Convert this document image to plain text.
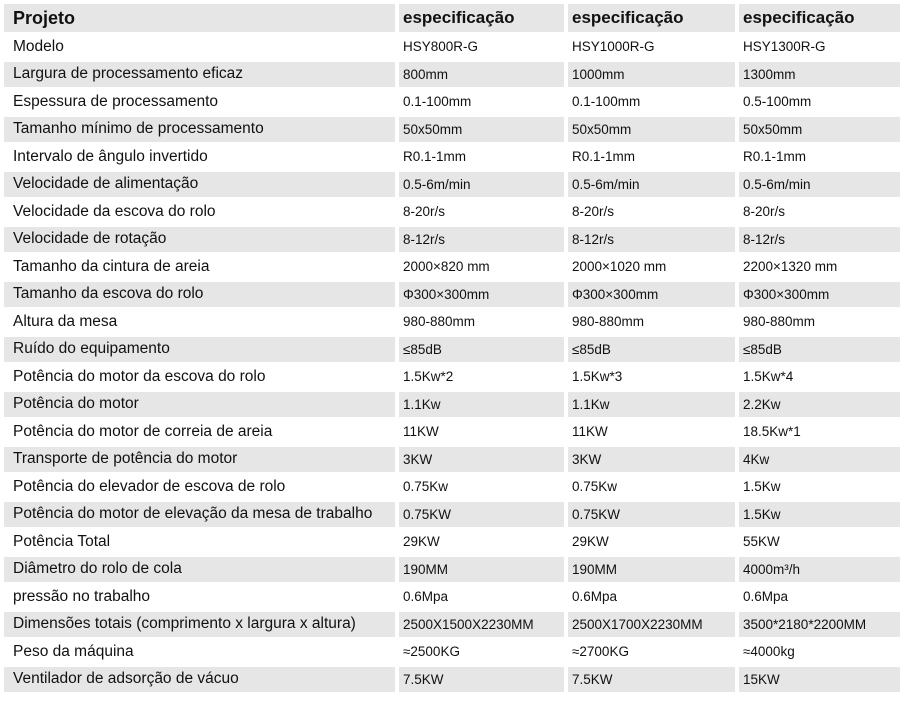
Projeto	especificação	especificação	especificação
Modelo	HSY800R-G	HSY1000R-G	HSY1300R-G
Largura de processamento eficaz	800mm	1000mm	1300mm
Espessura de processamento	0.1-100mm	0.1-100mm	0.5-100mm
Tamanho mínimo de processamento	50x50mm	50x50mm	50x50mm
Intervalo de ângulo invertido	R0.1-1mm	R0.1-1mm	R0.1-1mm
Velocidade de alimentação	0.5-6m/min	0.5-6m/min	0.5-6m/min
Velocidade da escova do rolo	8-20r/s	8-20r/s	8-20r/s
Velocidade de rotação	8-12r/s	8-12r/s	8-12r/s
Tamanho da cintura de areia	2000×820 mm	2000×1020 mm	2200×1320 mm
Tamanho da escova do rolo	Φ300×300mm	Φ300×300mm	Φ300×300mm
Altura da mesa	980-880mm	980-880mm	980-880mm
Ruído do equipamento	≤85dB	≤85dB	≤85dB
Potência do motor da escova do rolo	1.5Kw*2	1.5Kw*3	1.5Kw*4
Potência do motor	1.1Kw	1.1Kw	2.2Kw
Potência do motor de correia de areia	11KW	11KW	18.5Kw*1
Transporte de potência do motor	3KW	3KW	4Kw
Potência do elevador de escova de rolo	0.75Kw	0.75Kw	1.5Kw
Potência do motor de elevação da mesa de trabalho	0.75KW	0.75KW	1.5Kw
Potência Total	29KW	29KW	55KW
Diâmetro do rolo de cola	190MM	190MM	4000m³/h
pressão no trabalho	0.6Mpa	0.6Mpa	0.6Mpa
Dimensões totais (comprimento x largura x altura)	2500X1500X2230MM	2500X1700X2230MM	3500*2180*2200MM
Peso da máquina	≈2500KG	≈2700KG	≈4000kg
Ventilador de adsorção de vácuo	7.5KW	7.5KW	15KW
